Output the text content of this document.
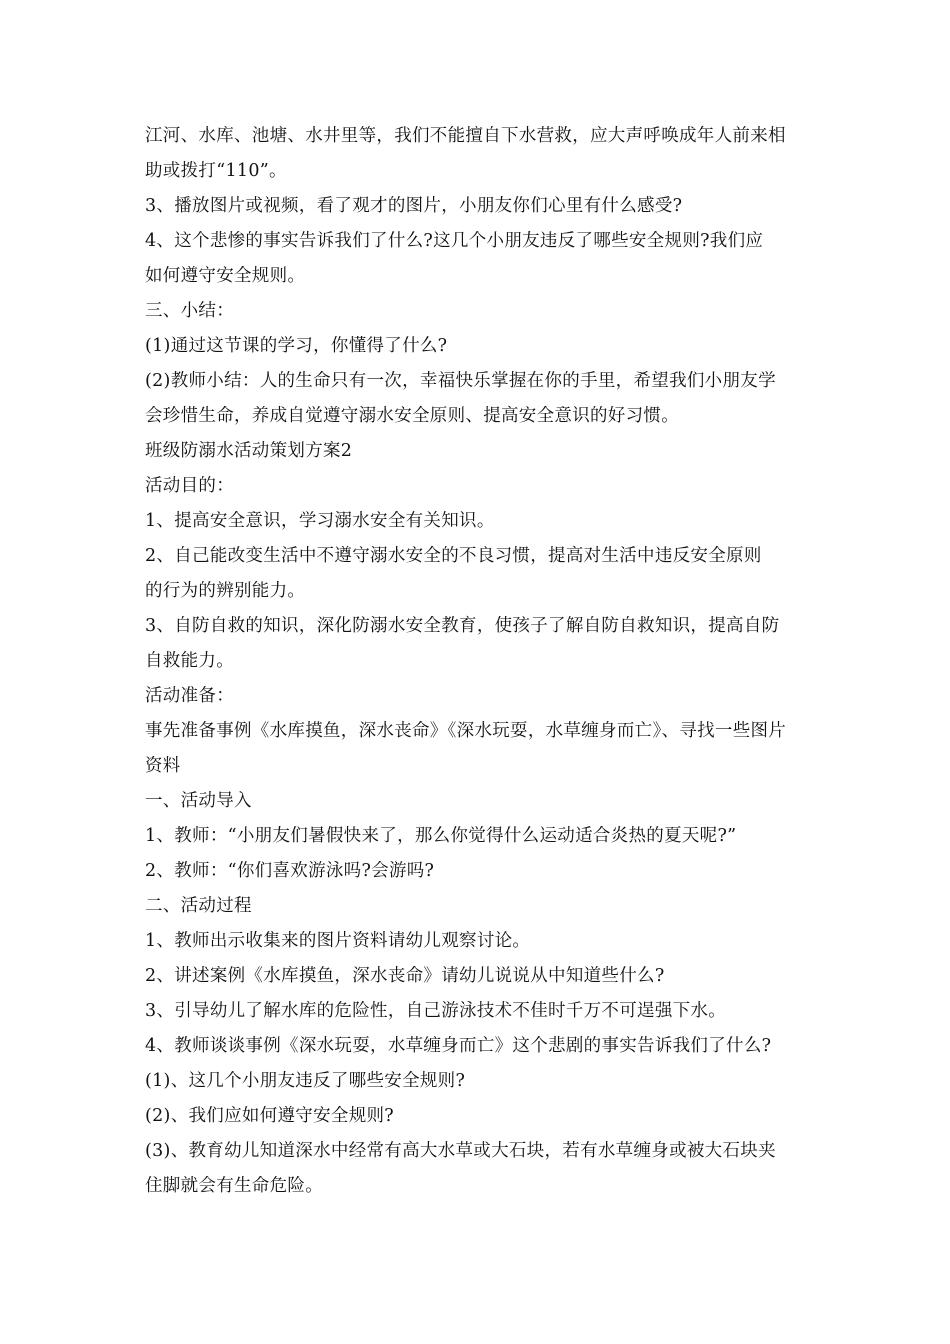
江河、水库、池塘、水井里等，我们不能擅自下水营救，应大声呼唤成年人前来相
助或拨打“110”。
3、播放图片或视频，看了观才的图片，小朋友你们心里有什么感受?
4、这个悲惨的事实告诉我们了什么?这几个小朋友违反了哪些安全规则?我们应
如何遵守安全规则。
三、小结：
(1)通过这节课的学习，你懂得了什么?
(2)教师小结：人的生命只有一次，幸福快乐掌握在你的手里，希望我们小朋友学
会珍惜生命，养成自觉遵守溺水安全原则、提高安全意识的好习惯。
班级防溺水活动策划方案2
活动目的：
1、提高安全意识，学习溺水安全有关知识。
2、自己能改变生活中不遵守溺水安全的不良习惯，提高对生活中违反安全原则
的行为的辨别能力。
3、自防自救的知识，深化防溺水安全教育，使孩子了解自防自救知识，提高自防
自救能力。
活动准备：
事先准备事例《水库摸鱼，深水丧命》《深水玩耍，水草缠身而亡》、寻找一些图片
资料
一、活动导入
1、教师：“小朋友们暑假快来了，那么你觉得什么运动适合炎热的夏天呢?”
2、教师：“你们喜欢游泳吗?会游吗?
二、活动过程
1、教师出示收集来的图片资料请幼儿观察讨论。
2、讲述案例《水库摸鱼，深水丧命》请幼儿说说从中知道些什么?
3、引导幼儿了解水库的危险性，自己游泳技术不佳时千万不可逞强下水。
4、教师谈谈事例《深水玩耍，水草缠身而亡》这个悲剧的事实告诉我们了什么?
(1)、这几个小朋友违反了哪些安全规则?
(2)、我们应如何遵守安全规则?
(3)、教育幼儿知道深水中经常有高大水草或大石块，若有水草缠身或被大石块夹
住脚就会有生命危险。
